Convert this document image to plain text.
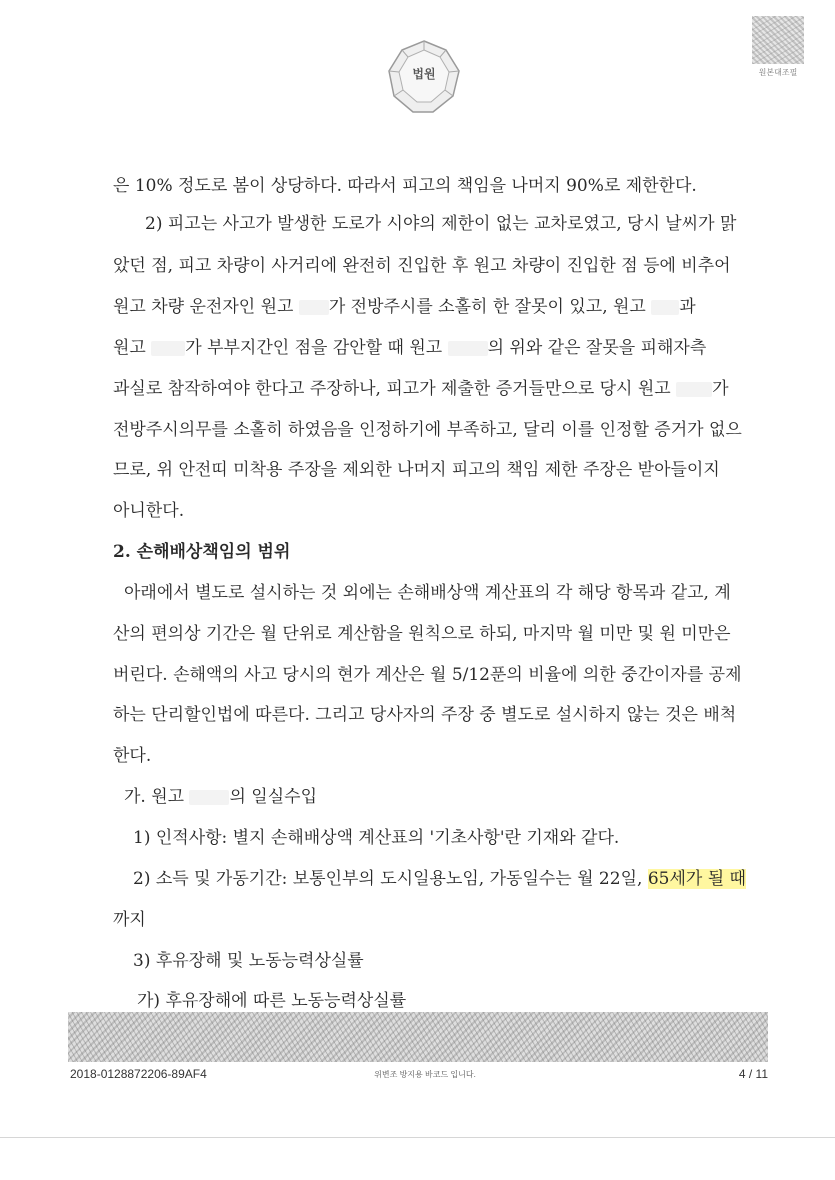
법원	원본대조필
은 10% 정도로 봄이 상당하다. 따라서 피고의 책임을 나머지 90%로 제한한다.
2) 피고는 사고가 발생한 도로가 시야의 제한이 없는 교차로였고, 당시 날씨가 맑
았던 점, 피고 차량이 사거리에 완전히 진입한 후 원고 차량이 진입한 점 등에 비추어
원고 차량 운전자인 원고 가 전방주시를 소홀히 한 잘못이 있고, 원고 과
원고 가 부부지간인 점을 감안할 때 원고 의 위와 같은 잘못을 피해자측
과실로 참작하여야 한다고 주장하나, 피고가 제출한 증거들만으로 당시 원고 가
전방주시의무를 소홀히 하였음을 인정하기에 부족하고, 달리 이를 인정할 증거가 없으
므로, 위 안전띠 미착용 주장을 제외한 나머지 피고의 책임 제한 주장은 받아들이지
아니한다.
2. 손해배상책임의 범위
아래에서 별도로 설시하는 것 외에는 손해배상액 계산표의 각 해당 항목과 같고, 계
산의 편의상 기간은 월 단위로 계산함을 원칙으로 하되, 마지막 월 미만 및 원 미만은
버린다. 손해액의 사고 당시의 현가 계산은 월 5/12푼의 비율에 의한 중간이자를 공제
하는 단리할인법에 따른다. 그리고 당사자의 주장 중 별도로 설시하지 않는 것은 배척
한다.
가. 원고 의 일실수입
1) 인적사항: 별지 손해배상액 계산표의 '기초사항'란 기재와 같다.
2) 소득 및 가동기간: 보통인부의 도시일용노임, 가동일수는 월 22일, 65세가 될 때
까지
3) 후유장해 및 노동능력상실률
가) 후유장해에 따른 노동능력상실률
2018-0128872206-89AF4	위변조 방지용 바코드 입니다.	4 / 11
